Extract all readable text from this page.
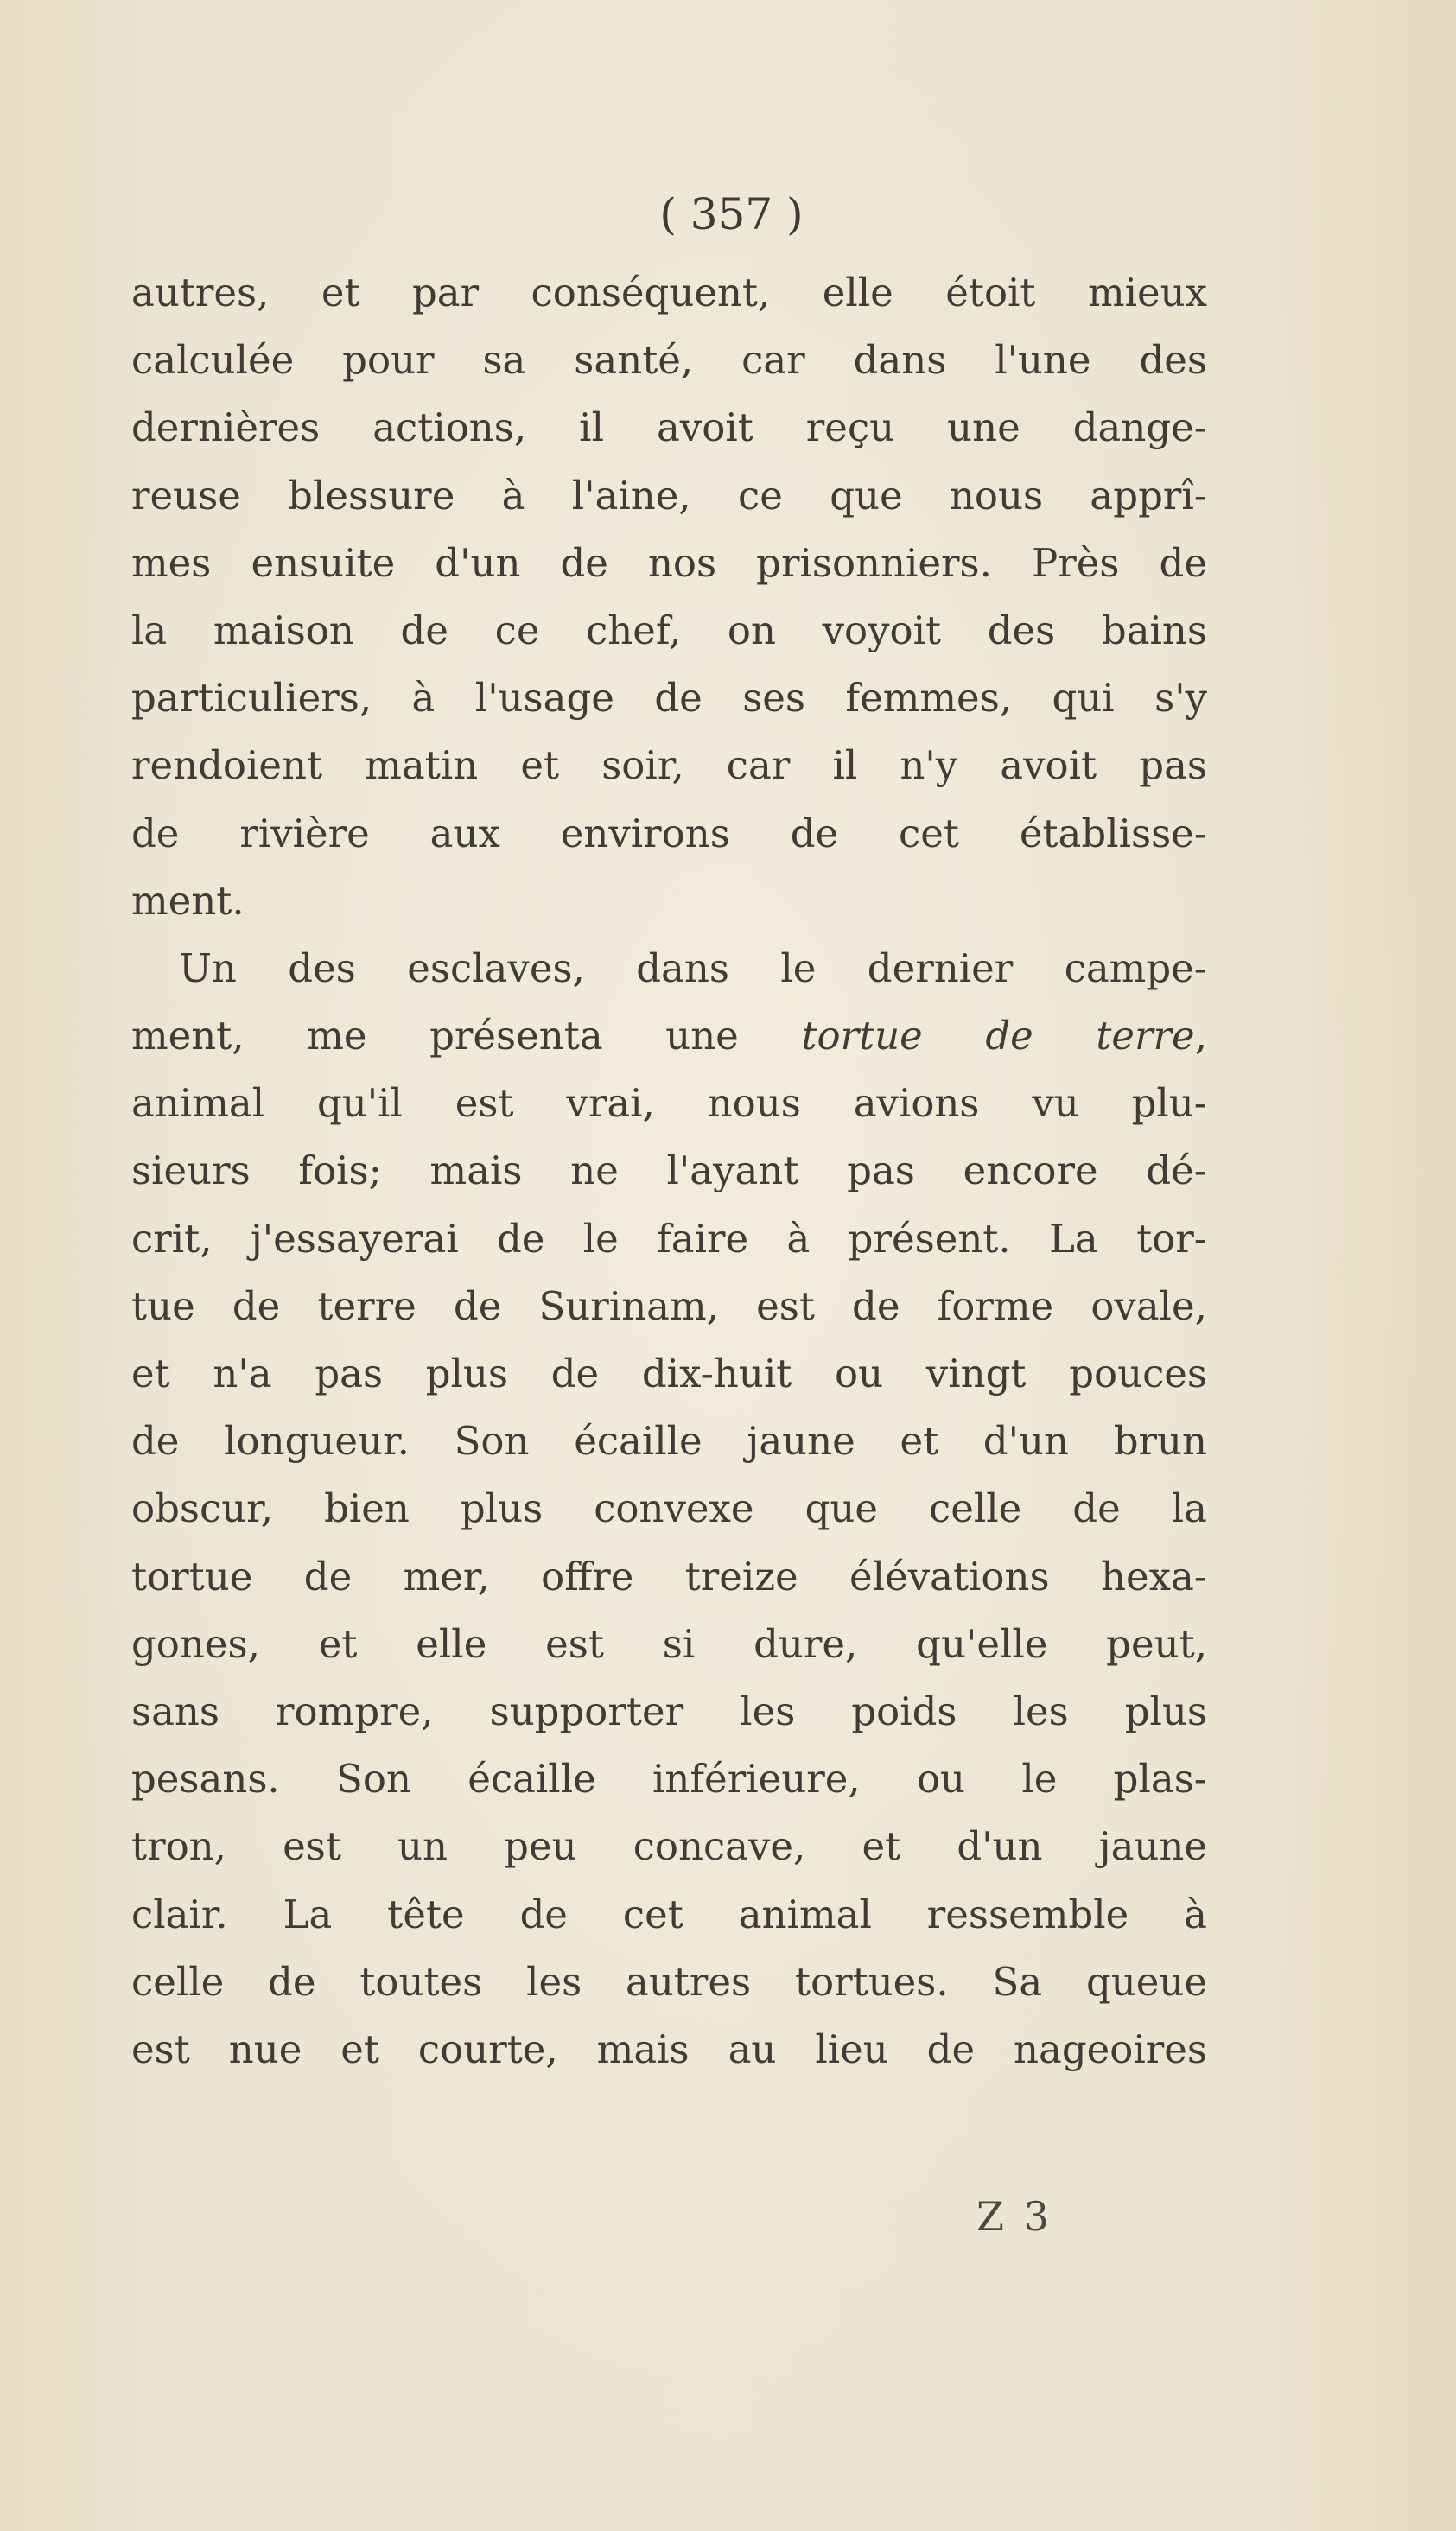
( 357 )
autres, et par conséquent, elle étoit mieux
calculée pour sa santé, car dans l'une des
dernières actions, il avoit reçu une dange-
reuse blessure à l'aine, ce que nous apprî-
mes ensuite d'un de nos prisonniers. Près de
la maison de ce chef, on voyoit des bains
particuliers, à l'usage de ses femmes, qui s'y
rendoient matin et soir, car il n'y avoit pas
de rivière aux environs de cet établisse-
ment.
Un des esclaves, dans le dernier campe-
ment, me présenta une tortue de terre,
animal qu'il est vrai, nous avions vu plu-
sieurs fois; mais ne l'ayant pas encore dé-
crit, j'essayerai de le faire à présent. La tor-
tue de terre de Surinam, est de forme ovale,
et n'a pas plus de dix-huit ou vingt pouces
de longueur. Son écaille jaune et d'un brun
obscur, bien plus convexe que celle de la
tortue de mer, offre treize élévations hexa-
gones, et elle est si dure, qu'elle peut,
sans rompre, supporter les poids les plus
pesans. Son écaille inférieure, ou le plas-
tron, est un peu concave, et d'un jaune
clair. La tête de cet animal ressemble à
celle de toutes les autres tortues. Sa queue
est nue et courte, mais au lieu de nageoires
Z 3
